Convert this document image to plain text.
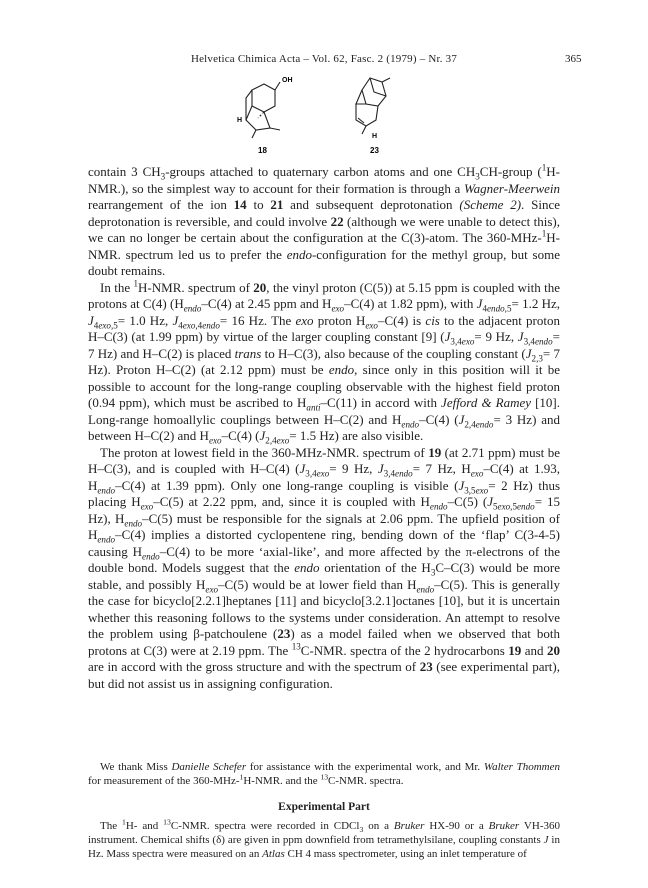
Helvetica Chimica Acta – Vol. 62, Fasc. 2 (1979) – Nr. 37	365
OH
H
18
H
23

contain 3 $CH_3$-groups attached to quaternary carbon atoms and one $CH_3CH$-group ($^1$H-NMR.), so the simplest way to account for their formation is through a Wagner-Meerwein rearrangement of the ion 14 to 21 and subsequent deprotonation (Scheme 2). Since deprotonation is reversible, and could involve 22 (although we were unable to detect this), we can no longer be certain about the configuration at the C(3)-atom. The 360-MHz-$^1$H-NMR. spectrum led us to prefer the endo-configuration for the methyl group, but some doubt remains.

In the $^1$H-NMR. spectrum of 20, the vinyl proton (C(5)) at 5.15 ppm is coupled with the protons at C(4) ($H_{endo}-C(4)$ at 2.45 ppm and $H_{exo}-C(4)$ at 1.82 ppm), with $J_{4endo,5}= 1.2$ Hz, $J_{4exo,5}= 1.0$ Hz, $J_{4exo,4endo}= 16$ Hz. The exo proton $H_{exo}-C(4)$ is cis to the adjacent proton H–C(3) (at 1.99 ppm) by virtue of the larger coupling constant [9] ($J_{3,4exo}= 9$ Hz, $J_{3,4endo}= 7$ Hz) and H–C(2) is placed trans to H–C(3), also because of the coupling constant ($J_{2,3}= 7$ Hz). Proton H–C(2) (at 2.12 ppm) must be endo, since only in this position will it be possible to account for the long-range coupling observable with the highest field proton (0.94 ppm), which must be ascribed to $H_{anti}-C(11)$ in accord with Jefford & Ramey [10]. Long-range homoallylic couplings between H–C(2) and $H_{endo}-C(4)$ ($J_{2,4endo}= 3$ Hz) and between H–C(2) and $H_{exo}-C(4)$ ($J_{2,4exo}= 1.5$ Hz) are also visible.

The proton at lowest field in the 360-MHz-NMR. spectrum of 19 (at 2.71 ppm) must be H–C(3), and is coupled with H–C(4) ($J_{3,4exo}= 9$ Hz, $J_{3,4endo}= 7$ Hz, $H_{exo}-C(4)$ at 1.93, $H_{endo}-C(4)$ at 1.39 ppm). Only one long-range coupling is visible ($J_{3,5exo}= 2$ Hz) thus placing $H_{exo}-C(5)$ at 2.22 ppm, and, since it is coupled with $H_{endo}-C(5)$ ($J_{5exo,5endo}= 15$ Hz), $H_{endo}-C(5)$ must be responsible for the signals at 2.06 ppm. The upfield position of $H_{endo}-C(4)$ implies a distorted cyclopentene ring, bending down of the ‘flap’ C(3-4-5) causing $H_{endo}-C(4)$ to be more ‘axial-like’, and more affected by the π-electrons of the double bond. Models suggest that the endo orientation of the $H_3C-C(3)$ would be more stable, and possibly $H_{exo}-C(5)$ would be at lower field than $H_{endo}-C(5)$. This is generally the case for bicyclo[2.2.1]heptanes [11] and bicyclo[3.2.1]octanes [10], but it is uncertain whether this reasoning follows to the systems under consideration. An attempt to resolve the problem using β-patchoulene (23) as a model failed when we observed that both protons at C(3) were at 2.19 ppm. The $^{13}$C-NMR. spectra of the 2 hydrocarbons 19 and 20 are in accord with the gross structure and with the spectrum of 23 (see experimental part), but did not assist us in assigning configuration.

We thank Miss Danielle Schefer for assistance with the experimental work, and Mr. Walter Thommen for measurement of the 360-MHz-$^1$H-NMR. and the $^{13}$C-NMR. spectra.
Experimental Part
The $^1$H- and $^{13}$C-NMR. spectra were recorded in CDCl$_3$ on a Bruker HX-90 or a Bruker VH-360 instrument. Chemical shifts (δ) are given in ppm downfield from tetramethylsilane, coupling constants J in Hz. Mass spectra were measured on an Atlas CH 4 mass spectrometer, using an inlet temperature of
